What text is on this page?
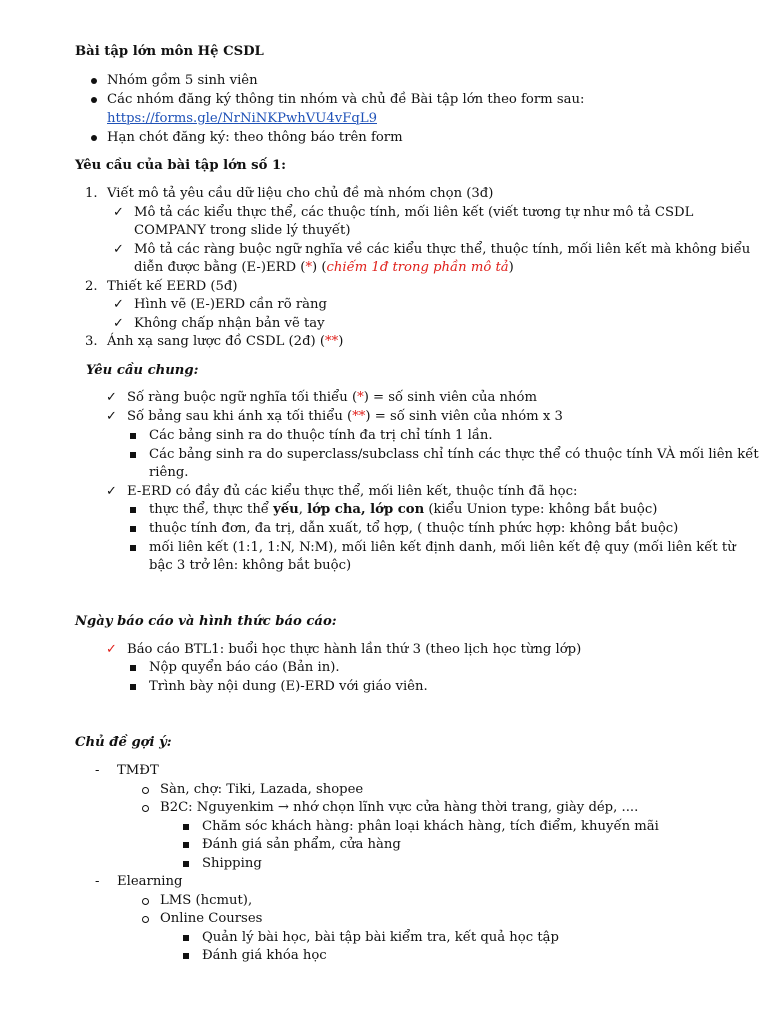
Bài tập lớn môn Hệ CSDL
Nhóm gồm 5 sinh viên
Các nhóm đăng ký thông tin nhóm và chủ đề Bài tập lớn theo form sau:
https://forms.gle/NrNiNKPwhVU4vFqL9
Hạn chót đăng ký: theo thông báo trên form
Yêu cầu của bài tập lớn số 1:
1. Viết mô tả yêu cầu dữ liệu cho chủ đề mà nhóm chọn (3đ)
✓ Mô tả các kiểu thực thể, các thuộc tính, mối liên kết (viết tương tự như mô tả CSDL
COMPANY trong slide lý thuyết)
✓ Mô tả các ràng buộc ngữ nghĩa về các kiểu thực thể, thuộc tính, mối liên kết mà không biểu
diễn được bằng (E-)ERD (*) (chiếm 1đ trong phần mô tả)
2. Thiết kế EERD (5đ)
✓ Hình vẽ (E-)ERD cần rõ ràng
✓ Không chấp nhận bản vẽ tay
3. Ánh xạ sang lược đồ CSDL (2đ) (**)
Yêu cầu chung:
✓ Số ràng buộc ngữ nghĩa tối thiểu (*) = số sinh viên của nhóm
✓ Số bảng sau khi ánh xạ tối thiểu (**) = số sinh viên của nhóm x 3
Các bảng sinh ra do thuộc tính đa trị chỉ tính 1 lần.
Các bảng sinh ra do superclass/subclass chỉ tính các thực thể có thuộc tính VÀ mối liên kết
riêng.
✓ E-ERD có đầy đủ các kiểu thực thể, mối liên kết, thuộc tính đã học:
thực thể, thực thể yếu, lớp cha, lớp con (kiểu Union type: không bắt buộc)
thuộc tính đơn, đa trị, dẫn xuất, tổ hợp, ( thuộc tính phức hợp: không bắt buộc)
mối liên kết (1:1, 1:N, N:M), mối liên kết định danh, mối liên kết đệ quy (mối liên kết từ
bậc 3 trở lên: không bắt buộc)
Ngày báo cáo và hình thức báo cáo:
✓ Báo cáo BTL1: buổi học thực hành lần thứ 3 (theo lịch học từng lớp)
Nộp quyển báo cáo (Bản in).
Trình bày nội dung (E)-ERD với giáo viên.
Chủ đề gợi ý:
- TMĐT
Sàn, chợ: Tiki, Lazada, shopee
B2C: Nguyenkim → nhớ chọn lĩnh vực cửa hàng thời trang, giày dép, ....
Chăm sóc khách hàng: phân loại khách hàng, tích điểm, khuyến mãi
Đánh giá sản phẩm, cửa hàng
Shipping
- Elearning
LMS (hcmut),
Online Courses
Quản lý bài học, bài tập bài kiểm tra, kết quả học tập
Đánh giá khóa học
